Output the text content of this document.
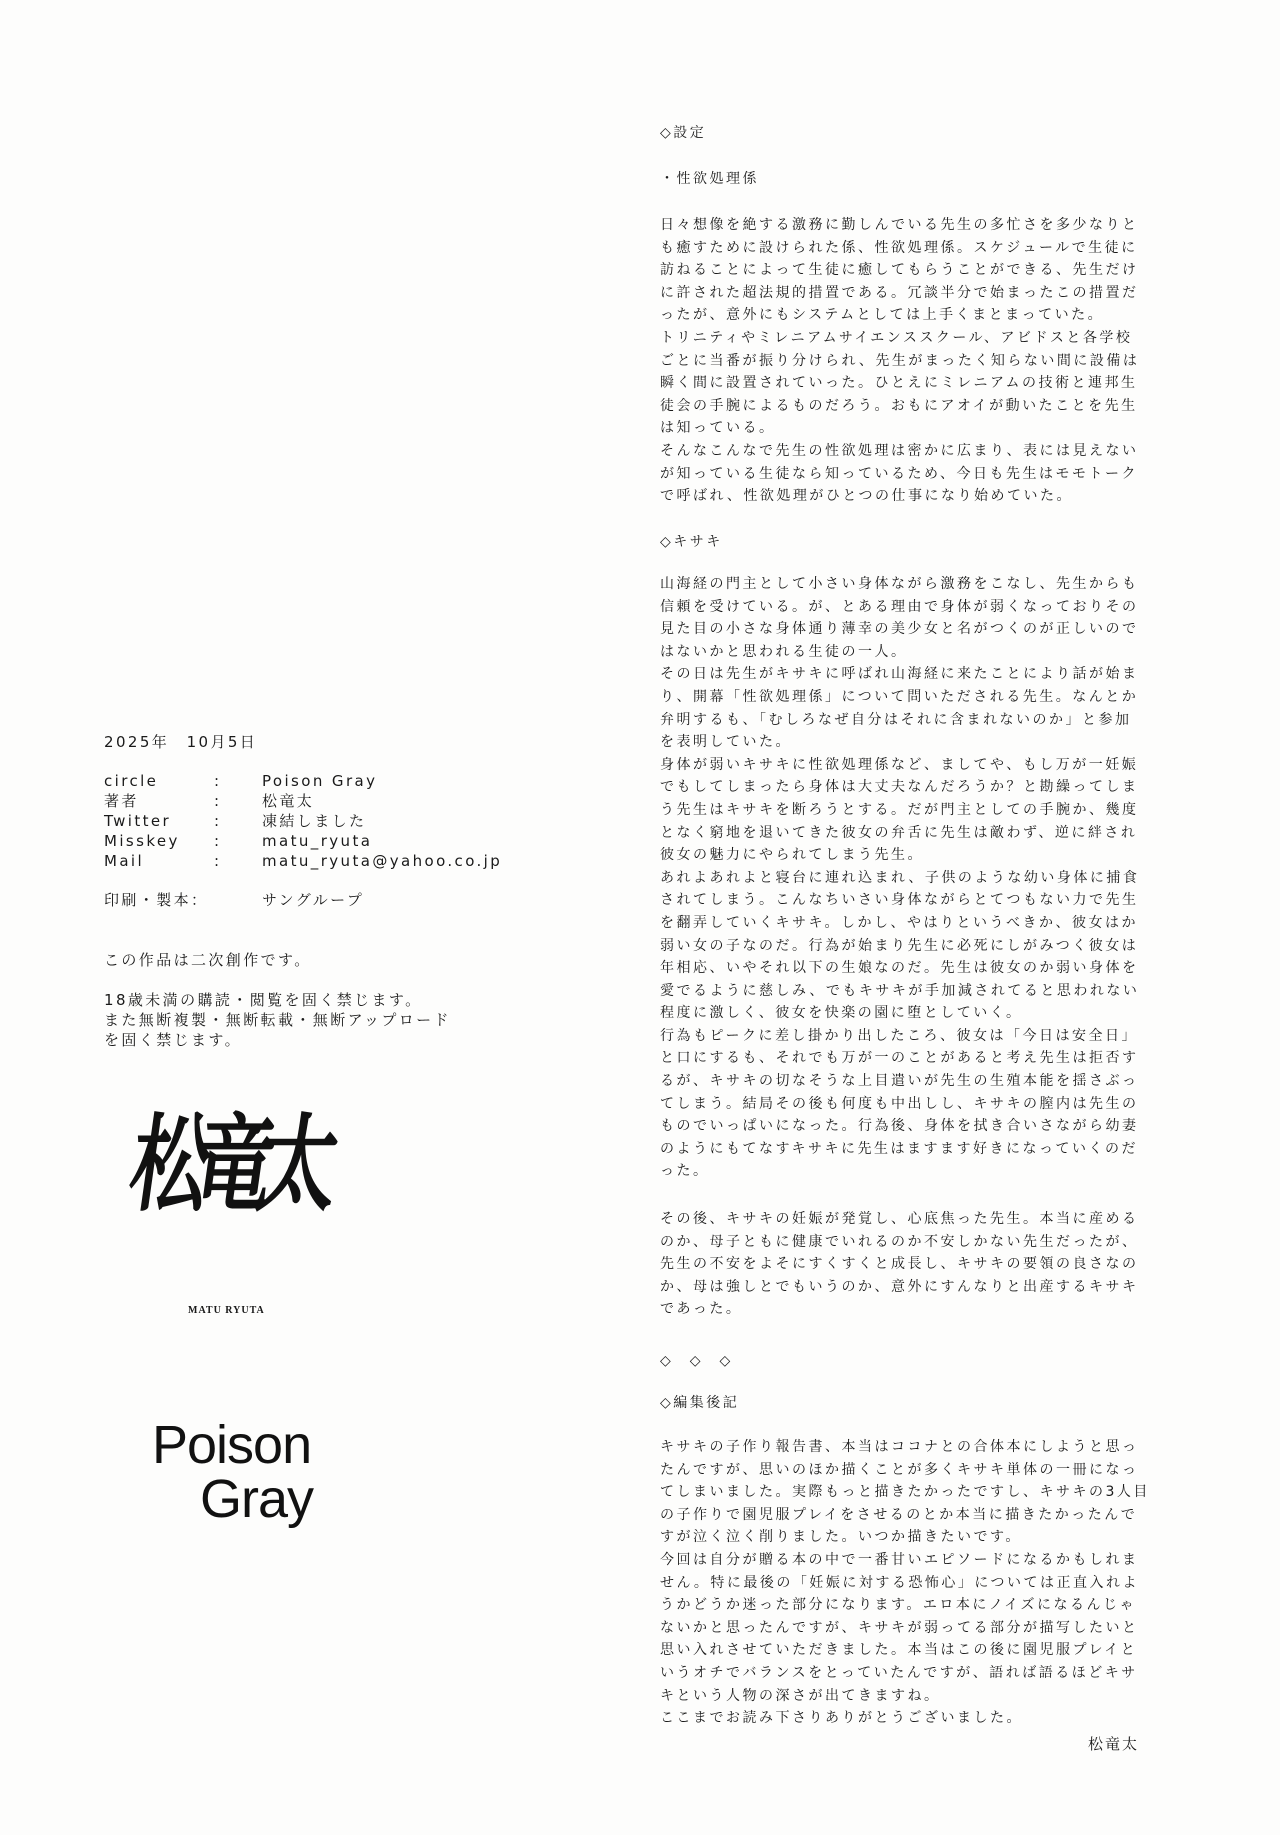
◇設定
・性欲処理係
日々想像を絶する激務に勤しんでいる先生の多忙さを多少なりと
も癒すために設けられた係、性欲処理係。スケジュールで生徒に
訪ねることによって生徒に癒してもらうことができる、先生だけ
に許された超法規的措置である。冗談半分で始まったこの措置だ
ったが、意外にもシステムとしては上手くまとまっていた。
トリニティやミレニアムサイエンススクール、アビドスと各学校
ごとに当番が振り分けられ、先生がまったく知らない間に設備は
瞬く間に設置されていった。ひとえにミレニアムの技術と連邦生
徒会の手腕によるものだろう。おもにアオイが動いたことを先生
は知っている。
そんなこんなで先生の性欲処理は密かに広まり、表には見えない
が知っている生徒なら知っているため、今日も先生はモモトーク
で呼ばれ、性欲処理がひとつの仕事になり始めていた。
◇キサキ
山海経の門主として小さい身体ながら激務をこなし、先生からも
信頼を受けている。が、とある理由で身体が弱くなっておりその
見た目の小さな身体通り薄幸の美少女と名がつくのが正しいので
はないかと思われる生徒の一人。
その日は先生がキサキに呼ばれ山海経に来たことにより話が始ま
り、開幕「性欲処理係」について問いただされる先生。なんとか
弁明するも、「むしろなぜ自分はそれに含まれないのか」と参加
を表明していた。
身体が弱いキサキに性欲処理係など、ましてや、もし万が一妊娠
でもしてしまったら身体は大丈夫なんだろうか？と勘繰ってしま
う先生はキサキを断ろうとする。だが門主としての手腕か、幾度
となく窮地を退いてきた彼女の弁舌に先生は敵わず、逆に絆され
彼女の魅力にやられてしまう先生。
あれよあれよと寝台に連れ込まれ、子供のような幼い身体に捕食
されてしまう。こんなちいさい身体ながらとてつもない力で先生
を翻弄していくキサキ。しかし、やはりというべきか、彼女はか
弱い女の子なのだ。行為が始まり先生に必死にしがみつく彼女は
年相応、いやそれ以下の生娘なのだ。先生は彼女のか弱い身体を
愛でるように慈しみ、でもキサキが手加減されてると思われない
程度に激しく、彼女を快楽の園に堕としていく。
行為もピークに差し掛かり出したころ、彼女は「今日は安全日」
と口にするも、それでも万が一のことがあると考え先生は拒否す
るが、キサキの切なそうな上目遣いが先生の生殖本能を揺さぶっ
てしまう。結局その後も何度も中出しし、キサキの膣内は先生の
ものでいっぱいになった。行為後、身体を拭き合いさながら幼妻
のようにもてなすキサキに先生はますます好きになっていくのだ
った。
その後、キサキの妊娠が発覚し、心底焦った先生。本当に産める
のか、母子ともに健康でいれるのか不安しかない先生だったが、
先生の不安をよそにすくすくと成長し、キサキの要領の良さなの
か、母は強しとでもいうのか、意外にすんなりと出産するキサキ
であった。
◇　◇　◇
◇編集後記
キサキの子作り報告書、本当はココナとの合体本にしようと思っ
たんですが、思いのほか描くことが多くキサキ単体の一冊になっ
てしまいました。実際もっと描きたかったですし、キサキの3人目
の子作りで園児服プレイをさせるのとか本当に描きたかったんで
すが泣く泣く削りました。いつか描きたいです。
今回は自分が贈る本の中で一番甘いエピソードになるかもしれま
せん。特に最後の「妊娠に対する恐怖心」については正直入れよ
うかどうか迷った部分になります。エロ本にノイズになるんじゃ
ないかと思ったんですが、キサキが弱ってる部分が描写したいと
思い入れさせていただきました。本当はこの後に園児服プレイと
いうオチでバランスをとっていたんですが、語れば語るほどキサ
キという人物の深さが出てきますね。
ここまでお読み下さりありがとうございました。
松竜太
2025年　10月5日
circle	:	Poison Gray
著者	:	松竜太
Twitter	:	凍結しました
Misskey	:	matu_ryuta
Mail	:	matu_ryuta@yahoo.co.jp
印刷・製本：	サングループ
この作品は二次創作です。
18歳未満の購読・閲覧を固く禁じます。
また無断複製・無断転載・無断アップロード
を固く禁じます。
松竜太
MATU RYUTA
Poison
Gray
